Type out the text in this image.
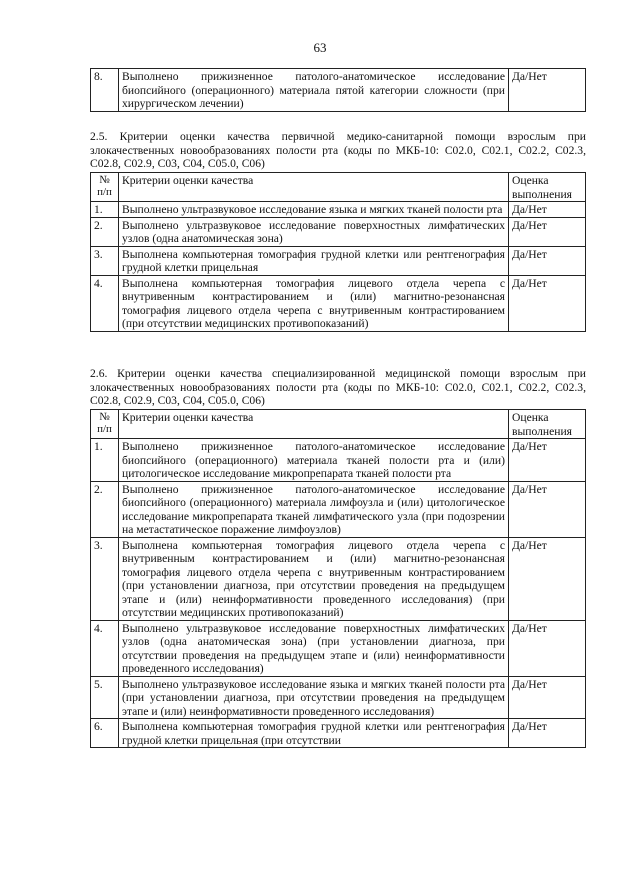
63
8.	Выполнено прижизненное патолого-анатомическое исследование биопсийного (операционного) материала пятой категории сложности (при хирургическом лечении)	Да/Нет
2.5. Критерии оценки качества первичной медико-санитарной помощи взрослым при злокачественных новообразованиях полости рта (коды по МКБ-10: C02.0, C02.1, C02.2, C02.3, C02.8, C02.9, C03, C04, C05.0, C06)
№ п/п	Критерии оценки качества	Оценка выполнения
1.	Выполнено ультразвуковое исследование языка и мягких тканей полости рта	Да/Нет
2.	Выполнено ультразвуковое исследование поверхностных лимфатических узлов (одна анатомическая зона)	Да/Нет
3.	Выполнена компьютерная томография грудной клетки или рентгенография грудной клетки прицельная	Да/Нет
4.	Выполнена компьютерная томография лицевого отдела черепа с внутривенным контрастированием и (или) магнитно-резонансная томография лицевого отдела черепа с внутривенным контрастированием (при отсутствии медицинских противопоказаний)	Да/Нет
2.6. Критерии оценки качества специализированной медицинской помощи взрослым при злокачественных новообразованиях полости рта (коды по МКБ-10: C02.0, C02.1, C02.2, C02.3, C02.8, C02.9, C03, C04, C05.0, C06)
№ п/п	Критерии оценки качества	Оценка выполнения
1.	Выполнено прижизненное патолого-анатомическое исследование биопсийного (операционного) материала тканей полости рта и (или) цитологическое исследование микропрепарата тканей полости рта	Да/Нет
2.	Выполнено прижизненное патолого-анатомическое исследование биопсийного (операционного) материала лимфоузла и (или) цитологическое исследование микропрепарата тканей лимфатического узла (при подозрении на метастатическое поражение лимфоузлов)	Да/Нет
3.	Выполнена компьютерная томография лицевого отдела черепа с внутривенным контрастированием и (или) магнитно-резонансная томография лицевого отдела черепа с внутривенным контрастированием (при установлении диагноза, при отсутствии проведения на предыдущем этапе и (или) неинформативности проведенного исследования) (при отсутствии медицинских противопоказаний)	Да/Нет
4.	Выполнено ультразвуковое исследование поверхностных лимфатических узлов (одна анатомическая зона) (при установлении диагноза, при отсутствии проведения на предыдущем этапе и (или) неинформативности проведенного исследования)	Да/Нет
5.	Выполнено ультразвуковое исследование языка и мягких тканей полости рта (при установлении диагноза, при отсутствии проведения на предыдущем этапе и (или) неинформативности проведенного исследования)	Да/Нет
6.	Выполнена компьютерная томография грудной клетки или рентгенография грудной клетки прицельная (при отсутствии	Да/Нет
